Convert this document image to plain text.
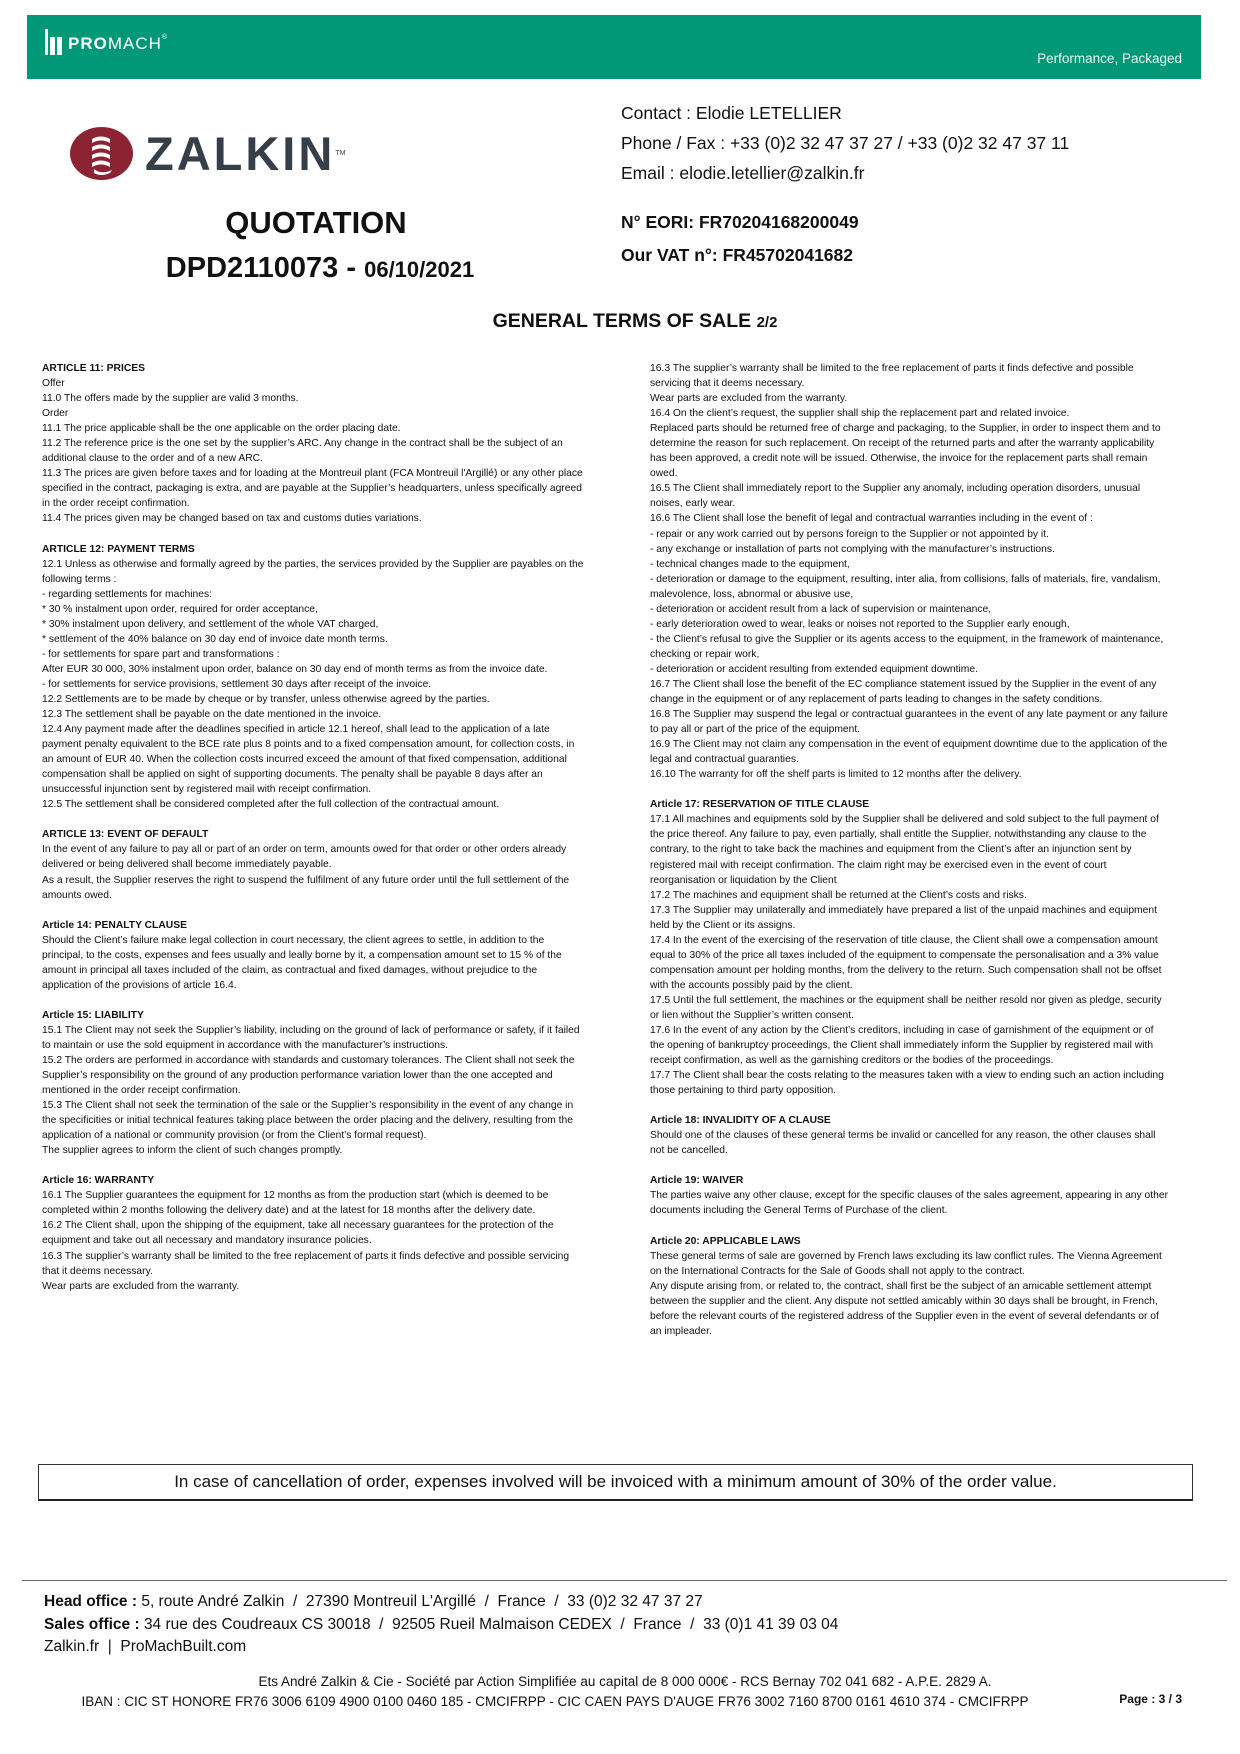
PROMACH®
Performance, Packaged
ZALKIN TM
Contact : Elodie LETELLIER
Phone / Fax : +33 (0)2 32 47 37 27 / +33 (0)2 32 47 37 11
Email : elodie.letellier@zalkin.fr
N° EORI: FR70204168200049
Our VAT n°: FR45702041682
QUOTATION
DPD2110073 - 06/10/2021
GENERAL TERMS OF SALE 2/2
ARTICLE 11: PRICES

Offer

11.0 The offers made by the supplier are valid 3 months.

Order

11.1 The price applicable shall be the one applicable on the order placing date.

11.2 The reference price is the one set by the supplier’s ARC. Any change in the contract shall be the subject of an additional clause to the order and of a new ARC.

11.3 The prices are given before taxes and for loading at the Montreuil plant (FCA Montreuil l'Argillé) or any other place specified in the contract, packaging is extra, and are payable at the Supplier’s headquarters, unless specifically agreed in the order receipt confirmation.

11.4 The prices given may be changed based on tax and customs duties variations.

ARTICLE 12: PAYMENT TERMS

12.1 Unless as otherwise and formally agreed by the parties, the services provided by the Supplier are payables on the following terms :

- regarding settlements for machines:

* 30 % instalment upon order, required for order acceptance,

* 30% instalment upon delivery, and settlement of the whole VAT charged,

* settlement of the 40% balance on 30 day end of invoice date month terms.

- for settlements for spare part and transformations :

After EUR 30 000, 30% instalment upon order, balance on 30 day end of month terms as from the invoice date.

- for settlements for service provisions, settlement 30 days after receipt of the invoice.

12.2 Settlements are to be made by cheque or by transfer, unless otherwise agreed by the parties.

12.3 The settlement shall be payable on the date mentioned in the invoice.

12.4 Any payment made after the deadlines specified in article 12.1 hereof, shall lead to the application of a late payment penalty equivalent to the BCE rate plus 8 points and to a fixed compensation amount, for collection costs, in an amount of EUR 40. When the collection costs incurred exceed the amount of that fixed compensation, additional compensation shall be applied on sight of supporting documents. The penalty shall be payable 8 days after an unsuccessful injunction sent by registered mail with receipt confirmation.

12.5 The settlement shall be considered completed after the full collection of the contractual amount.

ARTICLE 13: EVENT OF DEFAULT

In the event of any failure to pay all or part of an order on term, amounts owed for that order or other orders already delivered or being delivered shall become immediately payable.

As a result, the Supplier reserves the right to suspend the fulfilment of any future order until the full settlement of the amounts owed.

Article 14: PENALTY CLAUSE

Should the Client’s failure make legal collection in court necessary, the client agrees to settle, in addition to the principal, to the costs, expenses and fees usually and leally borne by it, a compensation amount set to 15 % of the amount in principal all taxes included of the claim, as contractual and fixed damages, without prejudice to the application of the provisions of article 16.4.

Article 15: LIABILITY

15.1 The Client may not seek the Supplier’s liability, including on the ground of lack of performance or safety, if it failed to maintain or use the sold equipment in accordance with the manufacturer’s instructions.

15.2 The orders are performed in accordance with standards and customary tolerances. The Client shall not seek the Supplier’s responsibility on the ground of any production performance variation lower than the one accepted and mentioned in the order receipt confirmation.

15.3 The Client shall not seek the termination of the sale or the Supplier’s responsibility in the event of any change in the specificities or initial technical features taking place between the order placing and the delivery, resulting from the application of a national or community provision (or from the Client’s formal request).

The supplier agrees to inform the client of such changes promptly.

Article 16: WARRANTY

16.1 The Supplier guarantees the equipment for 12 months as from the production start (which is deemed to be completed within 2 months following the delivery date) and at the latest for 18 months after the delivery date.

16.2 The Client shall, upon the shipping of the equipment, take all necessary guarantees for the protection of the equipment and take out all necessary and mandatory insurance policies.

16.3 The supplier’s warranty shall be limited to the free replacement of parts it finds defective and possible servicing that it deems necessary.

Wear parts are excluded from the warranty.

16.3 The supplier’s warranty shall be limited to the free replacement of parts it finds defective and possible servicing that it deems necessary.

Wear parts are excluded from the warranty.

16.4 On the client’s request, the supplier shall ship the replacement part and related invoice.

Replaced parts should be returned free of charge and packaging, to the Supplier, in order to inspect them and to determine the reason for such replacement. On receipt of the returned parts and after the warranty applicability has been approved, a credit note will be issued. Otherwise, the invoice for the replacement parts shall remain owed.

16.5 The Client shall immediately report to the Supplier any anomaly, including operation disorders, unusual noises, early wear.

16.6 The Client shall lose the benefit of legal and contractual warranties including in the event of :

- repair or any work carried out by persons foreign to the Supplier or not appointed by it.

- any exchange or installation of parts not complying with the manufacturer’s instructions.

- technical changes made to the equipment,

- deterioration or damage to the equipment, resulting, inter alia, from collisions, falls of materials, fire, vandalism, malevolence, loss, abnormal or abusive use,

- deterioration or accident result from a lack of supervision or maintenance,

- early deterioration owed to wear, leaks or noises not reported to the Supplier early enough,

- the Client’s refusal to give the Supplier or its agents access to the equipment, in the framework of maintenance, checking or repair work,

- deterioration or accident resulting from extended equipment downtime.

16.7 The Client shall lose the benefit of the EC compliance statement issued by the Supplier in the event of any change in the equipment or of any replacement of parts leading to changes in the safety conditions.

16.8 The Supplier may suspend the legal or contractual guarantees in the event of any late payment or any failure to pay all or part of the price of the equipment.

16.9 The Client may not claim any compensation in the event of equipment downtime due to the application of the legal and contractual guaranties.

16.10 The warranty for off the shelf parts is limited to 12 months after the delivery.

Article 17: RESERVATION OF TITLE CLAUSE

17.1 All machines and equipments sold by the Supplier shall be delivered and sold subject to the full payment of the price thereof. Any failure to pay, even partially, shall entitle the Supplier, notwithstanding any clause to the contrary, to the right to take back the machines and equipment from the Client’s after an injunction sent by registered mail with receipt confirmation. The claim right may be exercised even in the event of court reorganisation or liquidation by the Client

17.2 The machines and equipment shall be returned at the Client’s costs and risks.

17.3 The Supplier may unilaterally and immediately have prepared a list of the unpaid machines and equipment held by the Client or its assigns.

17.4 In the event of the exercising of the reservation of title clause, the Client shall owe a compensation amount equal to 30% of the price all taxes included of the equipment to compensate the personalisation and a 3% value compensation amount per holding months, from the delivery to the return. Such compensation shall not be offset with the accounts possibly paid by the client.

17.5 Until the full settlement, the machines or the equipment shall be neither resold nor given as pledge, security or lien without the Supplier’s written consent.

17.6 In the event of any action by the Client’s creditors, including in case of garnishment of the equipment or of the opening of bankruptcy proceedings, the Client shall immediately inform the Supplier by registered mail with receipt confirmation, as well as the garnishing creditors or the bodies of the proceedings.

17.7 The Client shall bear the costs relating to the measures taken with a view to ending such an action including those pertaining to third party opposition.

Article 18: INVALIDITY OF A CLAUSE

Should one of the clauses of these general terms be invalid or cancelled for any reason, the other clauses shall not be cancelled.

Article 19: WAIVER

The parties waive any other clause, except for the specific clauses of the sales agreement, appearing in any other documents including the General Terms of Purchase of the client.

Article 20: APPLICABLE LAWS

These general terms of sale are governed by French laws excluding its law conflict rules. The Vienna Agreement on the International Contracts for the Sale of Goods shall not apply to the contract.

Any dispute arising from, or related to, the contract, shall first be the subject of an amicable settlement attempt between the supplier and the client. Any dispute not settled amicably within 30 days shall be brought, in French, before the relevant courts of the registered address of the Supplier even in the event of several defendants or of an impleader.

In case of cancellation of order, expenses involved will be invoiced with a minimum amount of 30% of the order value.
Head office : 5, route André Zalkin  /  27390 Montreuil L'Argillé  /  France  /  33 (0)2 32 47 37 27
Sales office : 34 rue des Coudreaux CS 30018  /  92505 Rueil Malmaison CEDEX  /  France  /  33 (0)1 41 39 03 04
Zalkin.fr  |  ProMachBuilt.com
Ets André Zalkin & Cie - Société par Action Simplifiée au capital de 8 000 000€ - RCS Bernay 702 041 682 - A.P.E. 2829 A.
IBAN : CIC ST HONORE FR76 3006 6109 4900 0100 0460 185 - CMCIFRPP - CIC CAEN PAYS D'AUGE FR76 3002 7160 8700 0161 4610 374 - CMCIFRPP	Page : 3 / 3
